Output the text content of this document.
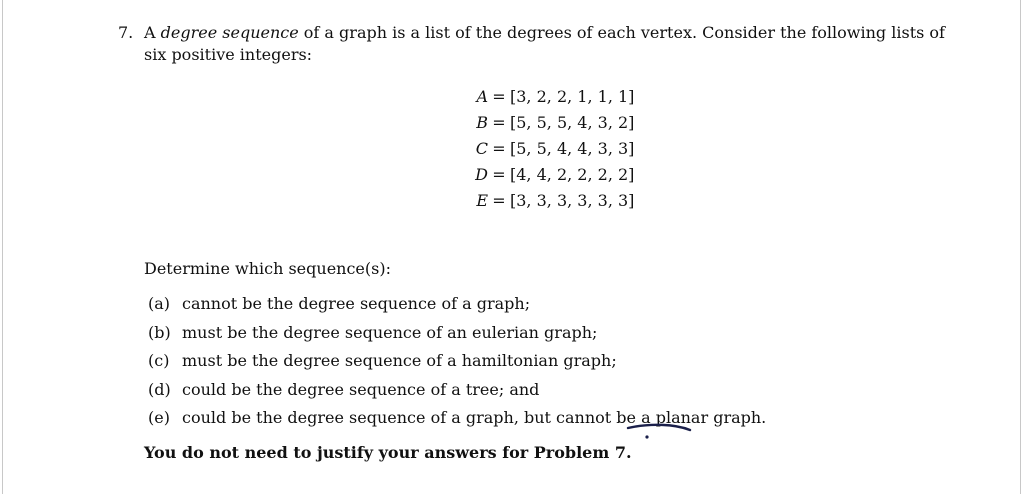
7. A degree sequence of a graph is a list of the degrees of each vertex. Consider the following lists of six positive integers:
A = [3, 2, 2, 1, 1, 1]
B = [5, 5, 5, 4, 3, 2]
C = [5, 5, 4, 4, 3, 3]
D = [4, 4, 2, 2, 2, 2]
E = [3, 3, 3, 3, 3, 3]
Determine which sequence(s):
(a) cannot be the degree sequence of a graph;
(b) must be the degree sequence of an eulerian graph;
(c) must be the degree sequence of a hamiltonian graph;
(d) could be the degree sequence of a tree; and
(e) could be the degree sequence of a graph, but cannot be a planar graph.
You do not need to justify your answers for Problem 7.
